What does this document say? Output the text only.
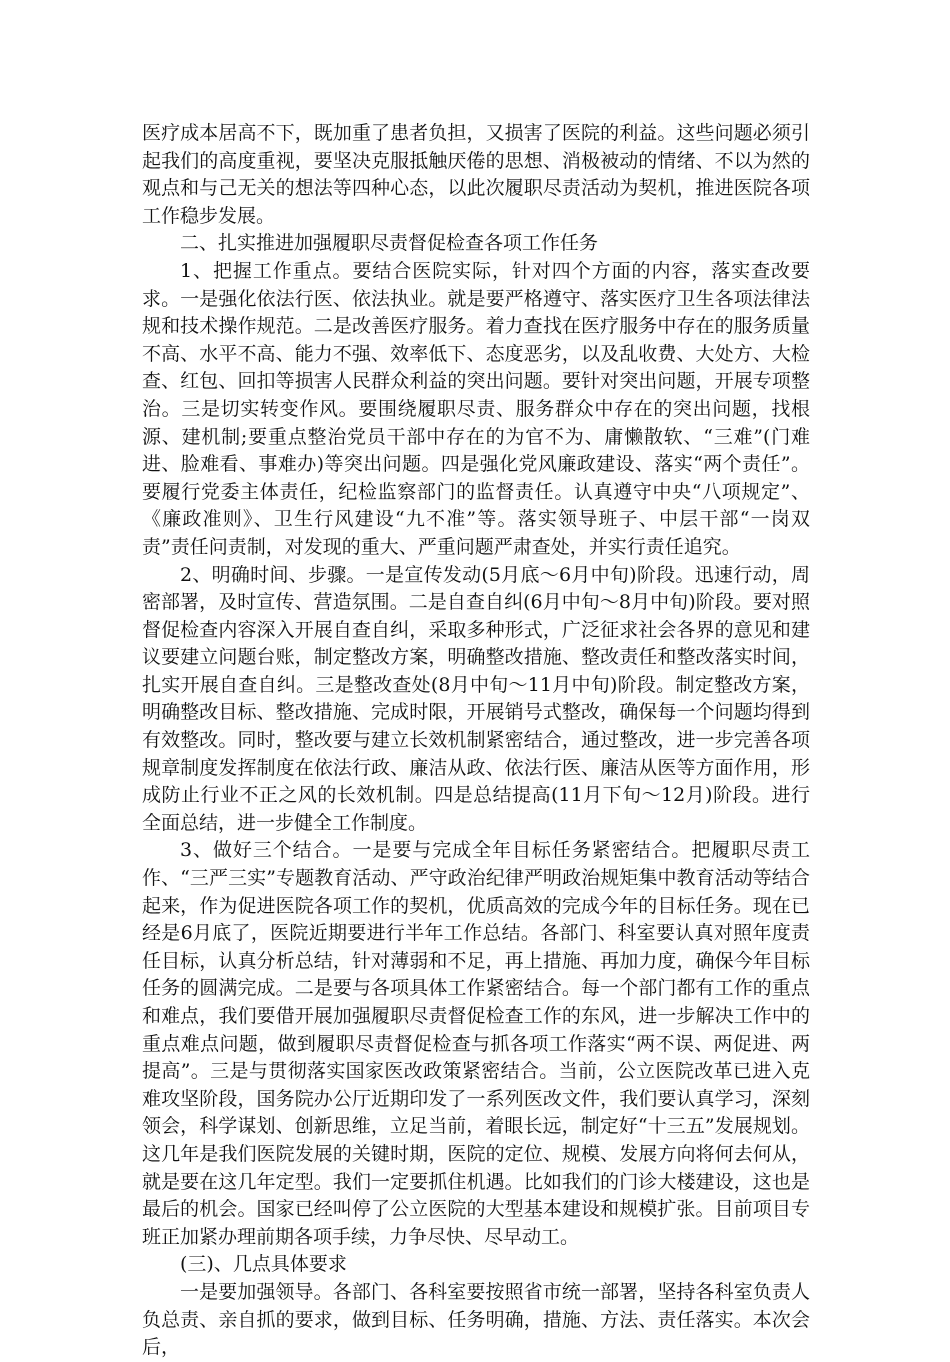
医疗成本居高不下，既加重了患者负担，又损害了医院的利益。这些问题必须引起我们的高度重视，要坚决克服抵触厌倦的思想、消极被动的情绪、不以为然的观点和与己无关的想法等四种心态，以此次履职尽责活动为契机，推进医院各项工作稳步发展。

二、扎实推进加强履职尽责督促检查各项工作任务

1、把握工作重点。要结合医院实际，针对四个方面的内容，落实查改要求。一是强化依法行医、依法执业。就是要严格遵守、落实医疗卫生各项法律法规和技术操作规范。二是改善医疗服务。着力查找在医疗服务中存在的服务质量不高、水平不高、能力不强、效率低下、态度恶劣，以及乱收费、大处方、大检查、红包、回扣等损害人民群众利益的突出问题。要针对突出问题，开展专项整治。三是切实转变作风。要围绕履职尽责、服务群众中存在的突出问题，找根源、建机制;要重点整治党员干部中存在的为官不为、庸懒散软、“三难”(门难进、脸难看、事难办)等突出问题。四是强化党风廉政建设、落实“两个责任”。要履行党委主体责任，纪检监察部门的监督责任。认真遵守中央“八项规定”、《廉政准则》、卫生行风建设“九不准”等。落实领导班子、中层干部“一岗双责”责任问责制，对发现的重大、严重问题严肃查处，并实行责任追究。

2、明确时间、步骤。一是宣传发动(5月底～6月中旬)阶段。迅速行动，周密部署，及时宣传、营造氛围。二是自查自纠(6月中旬～8月中旬)阶段。要对照督促检查内容深入开展自查自纠，采取多种形式，广泛征求社会各界的意见和建议要建立问题台账，制定整改方案，明确整改措施、整改责任和整改落实时间，扎实开展自查自纠。三是整改查处(8月中旬～11月中旬)阶段。制定整改方案，明确整改目标、整改措施、完成时限，开展销号式整改，确保每一个问题均得到有效整改。同时，整改要与建立长效机制紧密结合，通过整改，进一步完善各项规章制度发挥制度在依法行政、廉洁从政、依法行医、廉洁从医等方面作用，形成防止行业不正之风的长效机制。四是总结提高(11月下旬～12月)阶段。进行全面总结，进一步健全工作制度。

3、做好三个结合。一是要与完成全年目标任务紧密结合。把履职尽责工作、“三严三实”专题教育活动、严守政治纪律严明政治规矩集中教育活动等结合起来，作为促进医院各项工作的契机，优质高效的完成今年的目标任务。现在已经是6月底了，医院近期要进行半年工作总结。各部门、科室要认真对照年度责任目标，认真分析总结，针对薄弱和不足，再上措施、再加力度，确保今年目标任务的圆满完成。二是要与各项具体工作紧密结合。每一个部门都有工作的重点和难点，我们要借开展加强履职尽责督促检查工作的东风，进一步解决工作中的重点难点问题，做到履职尽责督促检查与抓各项工作落实“两不误、两促进、两提高”。三是与贯彻落实国家医改政策紧密结合。当前，公立医院改革已进入克难攻坚阶段，国务院办公厅近期印发了一系列医改文件，我们要认真学习，深刻领会，科学谋划、创新思维，立足当前，着眼长远，制定好“十三五”发展规划。这几年是我们医院发展的关键时期，医院的定位、规模、发展方向将何去何从，就是要在这几年定型。我们一定要抓住机遇。比如我们的门诊大楼建设，这也是最后的机会。国家已经叫停了公立医院的大型基本建设和规模扩张。目前项目专班正加紧办理前期各项手续，力争尽快、尽早动工。

(三)、几点具体要求

一是要加强领导。各部门、各科室要按照省市统一部署，坚持各科室负责人负总责、亲自抓的要求，做到目标、任务明确，措施、方法、责任落实。本次会后，
